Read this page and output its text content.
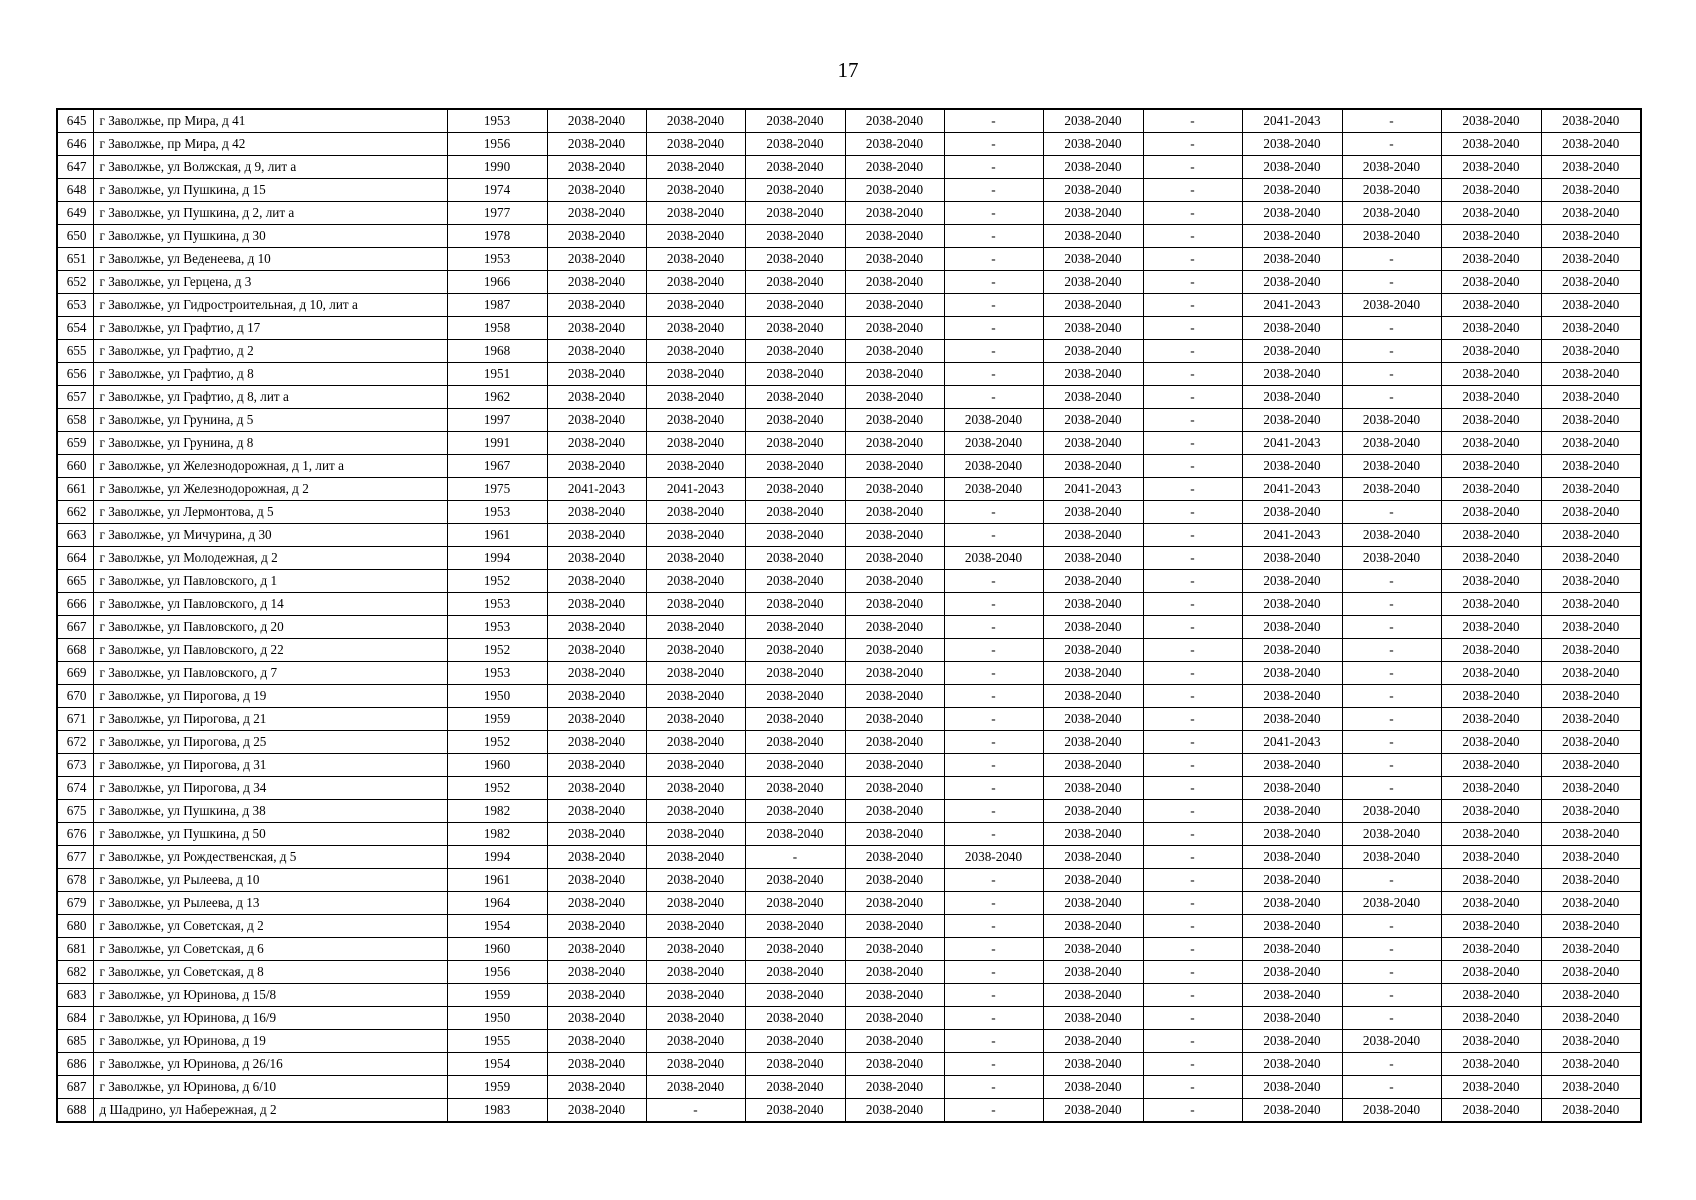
17
645	г Заволжье, пр Мира, д 41	1953	2038-2040	2038-2040	2038-2040	2038-2040	-	2038-2040	-	2041-2043	-	2038-2040	2038-2040
646	г Заволжье, пр Мира, д 42	1956	2038-2040	2038-2040	2038-2040	2038-2040	-	2038-2040	-	2038-2040	-	2038-2040	2038-2040
647	г Заволжье, ул Волжская, д 9, лит а	1990	2038-2040	2038-2040	2038-2040	2038-2040	-	2038-2040	-	2038-2040	2038-2040	2038-2040	2038-2040
648	г Заволжье, ул Пушкина, д 15	1974	2038-2040	2038-2040	2038-2040	2038-2040	-	2038-2040	-	2038-2040	2038-2040	2038-2040	2038-2040
649	г Заволжье, ул Пушкина, д 2, лит а	1977	2038-2040	2038-2040	2038-2040	2038-2040	-	2038-2040	-	2038-2040	2038-2040	2038-2040	2038-2040
650	г Заволжье, ул Пушкина, д 30	1978	2038-2040	2038-2040	2038-2040	2038-2040	-	2038-2040	-	2038-2040	2038-2040	2038-2040	2038-2040
651	г Заволжье, ул Веденеева, д 10	1953	2038-2040	2038-2040	2038-2040	2038-2040	-	2038-2040	-	2038-2040	-	2038-2040	2038-2040
652	г Заволжье, ул Герцена, д 3	1966	2038-2040	2038-2040	2038-2040	2038-2040	-	2038-2040	-	2038-2040	-	2038-2040	2038-2040
653	г Заволжье, ул Гидростроительная, д 10, лит а	1987	2038-2040	2038-2040	2038-2040	2038-2040	-	2038-2040	-	2041-2043	2038-2040	2038-2040	2038-2040
654	г Заволжье, ул Графтио, д 17	1958	2038-2040	2038-2040	2038-2040	2038-2040	-	2038-2040	-	2038-2040	-	2038-2040	2038-2040
655	г Заволжье, ул Графтио, д 2	1968	2038-2040	2038-2040	2038-2040	2038-2040	-	2038-2040	-	2038-2040	-	2038-2040	2038-2040
656	г Заволжье, ул Графтио, д 8	1951	2038-2040	2038-2040	2038-2040	2038-2040	-	2038-2040	-	2038-2040	-	2038-2040	2038-2040
657	г Заволжье, ул Графтио, д 8, лит а	1962	2038-2040	2038-2040	2038-2040	2038-2040	-	2038-2040	-	2038-2040	-	2038-2040	2038-2040
658	г Заволжье, ул Грунина, д 5	1997	2038-2040	2038-2040	2038-2040	2038-2040	2038-2040	2038-2040	-	2038-2040	2038-2040	2038-2040	2038-2040
659	г Заволжье, ул Грунина, д 8	1991	2038-2040	2038-2040	2038-2040	2038-2040	2038-2040	2038-2040	-	2041-2043	2038-2040	2038-2040	2038-2040
660	г Заволжье, ул Железнодорожная, д 1, лит а	1967	2038-2040	2038-2040	2038-2040	2038-2040	2038-2040	2038-2040	-	2038-2040	2038-2040	2038-2040	2038-2040
661	г Заволжье, ул Железнодорожная, д 2	1975	2041-2043	2041-2043	2038-2040	2038-2040	2038-2040	2041-2043	-	2041-2043	2038-2040	2038-2040	2038-2040
662	г Заволжье, ул Лермонтова, д 5	1953	2038-2040	2038-2040	2038-2040	2038-2040	-	2038-2040	-	2038-2040	-	2038-2040	2038-2040
663	г Заволжье, ул Мичурина, д 30	1961	2038-2040	2038-2040	2038-2040	2038-2040	-	2038-2040	-	2041-2043	2038-2040	2038-2040	2038-2040
664	г Заволжье, ул Молодежная, д 2	1994	2038-2040	2038-2040	2038-2040	2038-2040	2038-2040	2038-2040	-	2038-2040	2038-2040	2038-2040	2038-2040
665	г Заволжье, ул Павловского, д 1	1952	2038-2040	2038-2040	2038-2040	2038-2040	-	2038-2040	-	2038-2040	-	2038-2040	2038-2040
666	г Заволжье, ул Павловского, д 14	1953	2038-2040	2038-2040	2038-2040	2038-2040	-	2038-2040	-	2038-2040	-	2038-2040	2038-2040
667	г Заволжье, ул Павловского, д 20	1953	2038-2040	2038-2040	2038-2040	2038-2040	-	2038-2040	-	2038-2040	-	2038-2040	2038-2040
668	г Заволжье, ул Павловского, д 22	1952	2038-2040	2038-2040	2038-2040	2038-2040	-	2038-2040	-	2038-2040	-	2038-2040	2038-2040
669	г Заволжье, ул Павловского, д 7	1953	2038-2040	2038-2040	2038-2040	2038-2040	-	2038-2040	-	2038-2040	-	2038-2040	2038-2040
670	г Заволжье, ул Пирогова, д 19	1950	2038-2040	2038-2040	2038-2040	2038-2040	-	2038-2040	-	2038-2040	-	2038-2040	2038-2040
671	г Заволжье, ул Пирогова, д 21	1959	2038-2040	2038-2040	2038-2040	2038-2040	-	2038-2040	-	2038-2040	-	2038-2040	2038-2040
672	г Заволжье, ул Пирогова, д 25	1952	2038-2040	2038-2040	2038-2040	2038-2040	-	2038-2040	-	2041-2043	-	2038-2040	2038-2040
673	г Заволжье, ул Пирогова, д 31	1960	2038-2040	2038-2040	2038-2040	2038-2040	-	2038-2040	-	2038-2040	-	2038-2040	2038-2040
674	г Заволжье, ул Пирогова, д 34	1952	2038-2040	2038-2040	2038-2040	2038-2040	-	2038-2040	-	2038-2040	-	2038-2040	2038-2040
675	г Заволжье, ул Пушкина, д 38	1982	2038-2040	2038-2040	2038-2040	2038-2040	-	2038-2040	-	2038-2040	2038-2040	2038-2040	2038-2040
676	г Заволжье, ул Пушкина, д 50	1982	2038-2040	2038-2040	2038-2040	2038-2040	-	2038-2040	-	2038-2040	2038-2040	2038-2040	2038-2040
677	г Заволжье, ул Рождественская, д 5	1994	2038-2040	2038-2040	-	2038-2040	2038-2040	2038-2040	-	2038-2040	2038-2040	2038-2040	2038-2040
678	г Заволжье, ул Рылеева, д 10	1961	2038-2040	2038-2040	2038-2040	2038-2040	-	2038-2040	-	2038-2040	-	2038-2040	2038-2040
679	г Заволжье, ул Рылеева, д 13	1964	2038-2040	2038-2040	2038-2040	2038-2040	-	2038-2040	-	2038-2040	2038-2040	2038-2040	2038-2040
680	г Заволжье, ул Советская, д 2	1954	2038-2040	2038-2040	2038-2040	2038-2040	-	2038-2040	-	2038-2040	-	2038-2040	2038-2040
681	г Заволжье, ул Советская, д 6	1960	2038-2040	2038-2040	2038-2040	2038-2040	-	2038-2040	-	2038-2040	-	2038-2040	2038-2040
682	г Заволжье, ул Советская, д 8	1956	2038-2040	2038-2040	2038-2040	2038-2040	-	2038-2040	-	2038-2040	-	2038-2040	2038-2040
683	г Заволжье, ул Юринова, д 15/8	1959	2038-2040	2038-2040	2038-2040	2038-2040	-	2038-2040	-	2038-2040	-	2038-2040	2038-2040
684	г Заволжье, ул Юринова, д 16/9	1950	2038-2040	2038-2040	2038-2040	2038-2040	-	2038-2040	-	2038-2040	-	2038-2040	2038-2040
685	г Заволжье, ул Юринова, д 19	1955	2038-2040	2038-2040	2038-2040	2038-2040	-	2038-2040	-	2038-2040	2038-2040	2038-2040	2038-2040
686	г Заволжье, ул Юринова, д 26/16	1954	2038-2040	2038-2040	2038-2040	2038-2040	-	2038-2040	-	2038-2040	-	2038-2040	2038-2040
687	г Заволжье, ул Юринова, д 6/10	1959	2038-2040	2038-2040	2038-2040	2038-2040	-	2038-2040	-	2038-2040	-	2038-2040	2038-2040
688	д Шадрино, ул Набережная, д 2	1983	2038-2040	-	2038-2040	2038-2040	-	2038-2040	-	2038-2040	2038-2040	2038-2040	2038-2040
